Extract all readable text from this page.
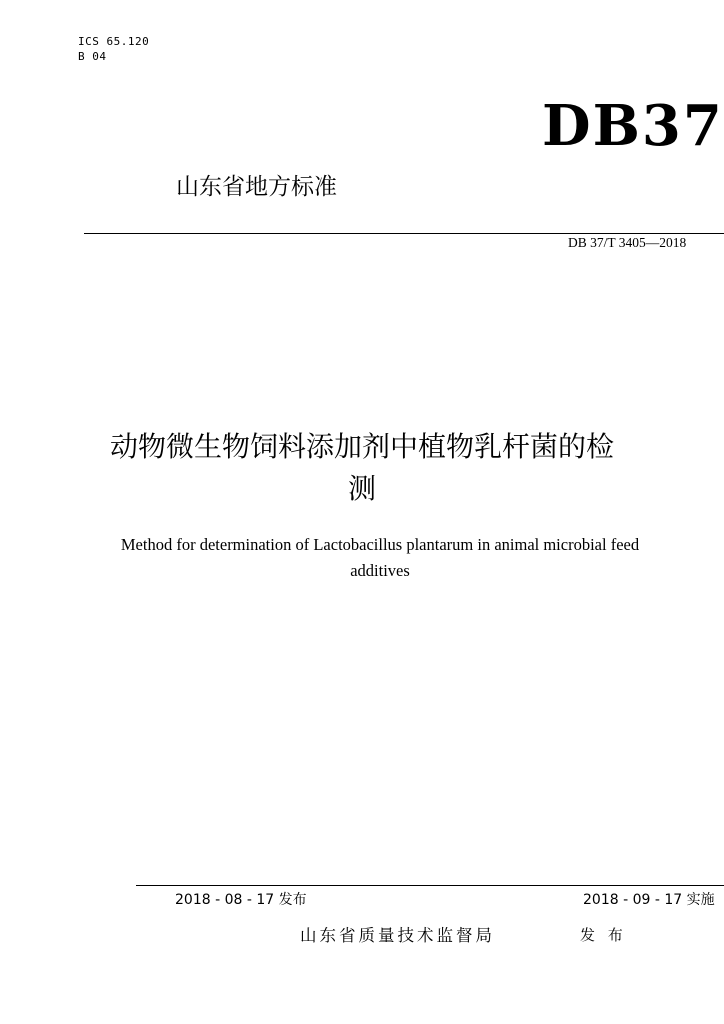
ICS 65.120
B 04
DB37
山东省地方标准
DB 37/T 3405—2018
动物微生物饲料添加剂中植物乳杆菌的检
测
Method for determination of Lactobacillus plantarum in animal microbial feed
additives
2018 - 08 - 17 发布	2018 - 09 - 17 实施
山东省质量技术监督局	发 布
